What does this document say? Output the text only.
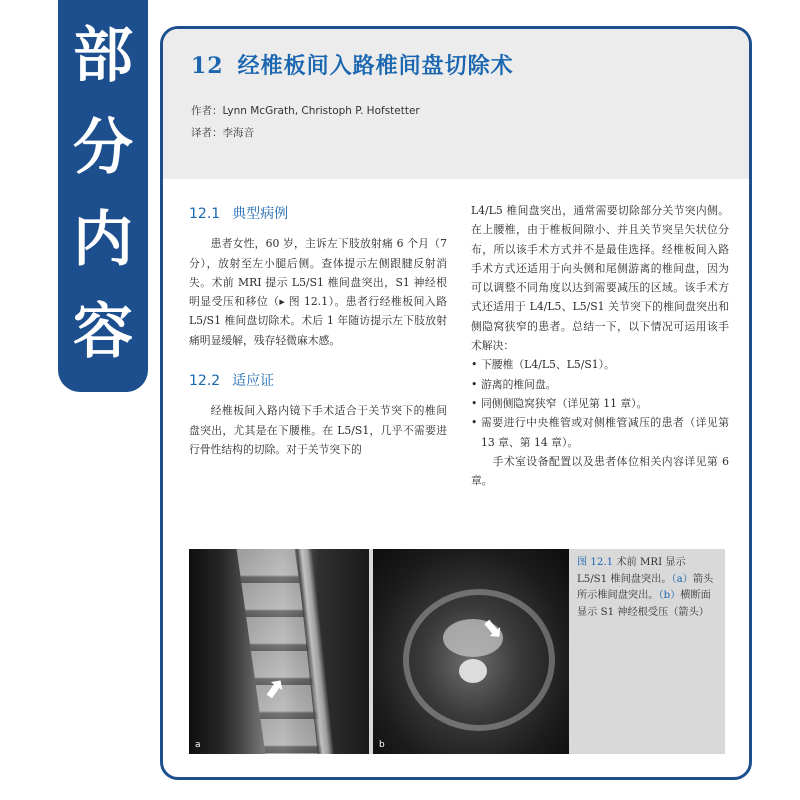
部
分
内
容
12 经椎板间入路椎间盘切除术
作者：Lynn McGrath, Christoph P. Hofstetter
译者：李海音
12.1 典型病例

患者女性，60 岁，主诉左下肢放射痛 6 个月（7 分），放射至左小腿后侧。查体提示左侧跟腱反射消失。术前 MRI 提示 L5/S1 椎间盘突出，S1 神经根明显受压和移位（▸ 图 12.1）。患者行经椎板间入路 L5/S1 椎间盘切除术。术后 1 年随访提示左下肢放射痛明显缓解，残存轻微麻木感。

12.2 适应证

经椎板间入路内镜下手术适合于关节突下的椎间盘突出，尤其是在下腰椎。在 L5/S1，几乎不需要进行骨性结构的切除。对于关节突下的

L4/L5 椎间盘突出，通常需要切除部分关节突内侧。在上腰椎，由于椎板间隙小、并且关节突呈矢状位分布，所以该手术方式并不是最佳选择。经椎板间入路手术方式还适用于向头侧和尾侧游离的椎间盘，因为可以调整不同角度以达到需要减压的区域。该手术方式还适用于 L4/L5、L5/S1 关节突下的椎间盘突出和侧隐窝狭窄的患者。总结一下，以下情况可运用该手术解决：

• 下腰椎（L4/L5、L5/S1）。
• 游离的椎间盘。
• 同侧侧隐窝狭窄（详见第 11 章）。
• 需要进行中央椎管或对侧椎管减压的患者（详见第 13 章、第 14 章）。

手术室设备配置以及患者体位相关内容详见第 6 章。

⬆
a
⬆
b
图 12.1 术前 MRI 显示 L5/S1 椎间盘突出。（a）箭头所示椎间盘突出。（b）横断面显示 S1 神经根受压（箭头）
